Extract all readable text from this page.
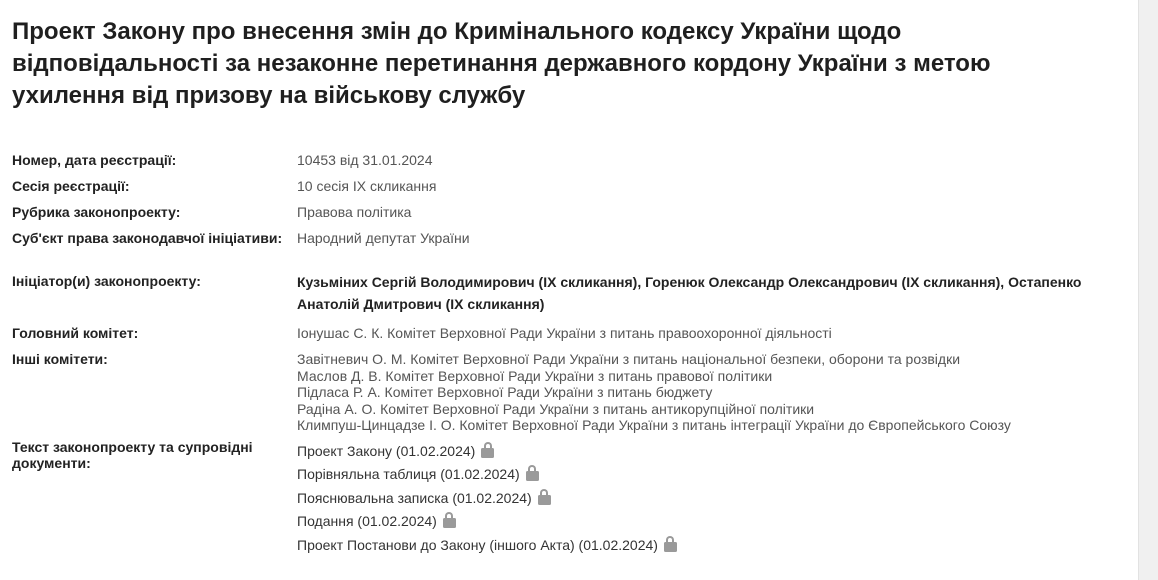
Проект Закону про внесення змін до Кримінального кодексу України щодо відповідальності за незаконне перетинання державного кордону України з метою ухилення від призову на військову службу
Номер, дата реєстрації:	10453 від 31.01.2024
Сесія реєстрації:	10 сесія IX скликання
Рубрика законопроекту:	Правова політика
Суб'єкт права законодавчої ініціативи:	Народний депутат України
Ініціатор(и) законопроекту:	Кузьміних Сергій Володимирович (IX скликання), Горенюк Олександр Олександрович (IX скликання), Остапенко Анатолій Дмитрович (IX скликання)
Головний комітет:	Іонушас С. К. Комітет Верховної Ради України з питань правоохоронної діяльності
Інші комітети:	Завітневич О. М. Комітет Верховної Ради України з питань національної безпеки, оборони та розвідки
Маслов Д. В. Комітет Верховної Ради України з питань правової політики
Підласа Р. А. Комітет Верховної Ради України з питань бюджету
Радіна А. О. Комітет Верховної Ради України з питань антикорупційної політики
Климпуш-Цинцадзе І. О. Комітет Верховної Ради України з питань інтеграції України до Європейського Союзу
Текст законопроекту та супровідні документи:
Проект Закону (01.02.2024)
Порівняльна таблиця (01.02.2024)
Пояснювальна записка (01.02.2024)
Подання (01.02.2024)
Проект Постанови до Закону (іншого Акта) (01.02.2024)
